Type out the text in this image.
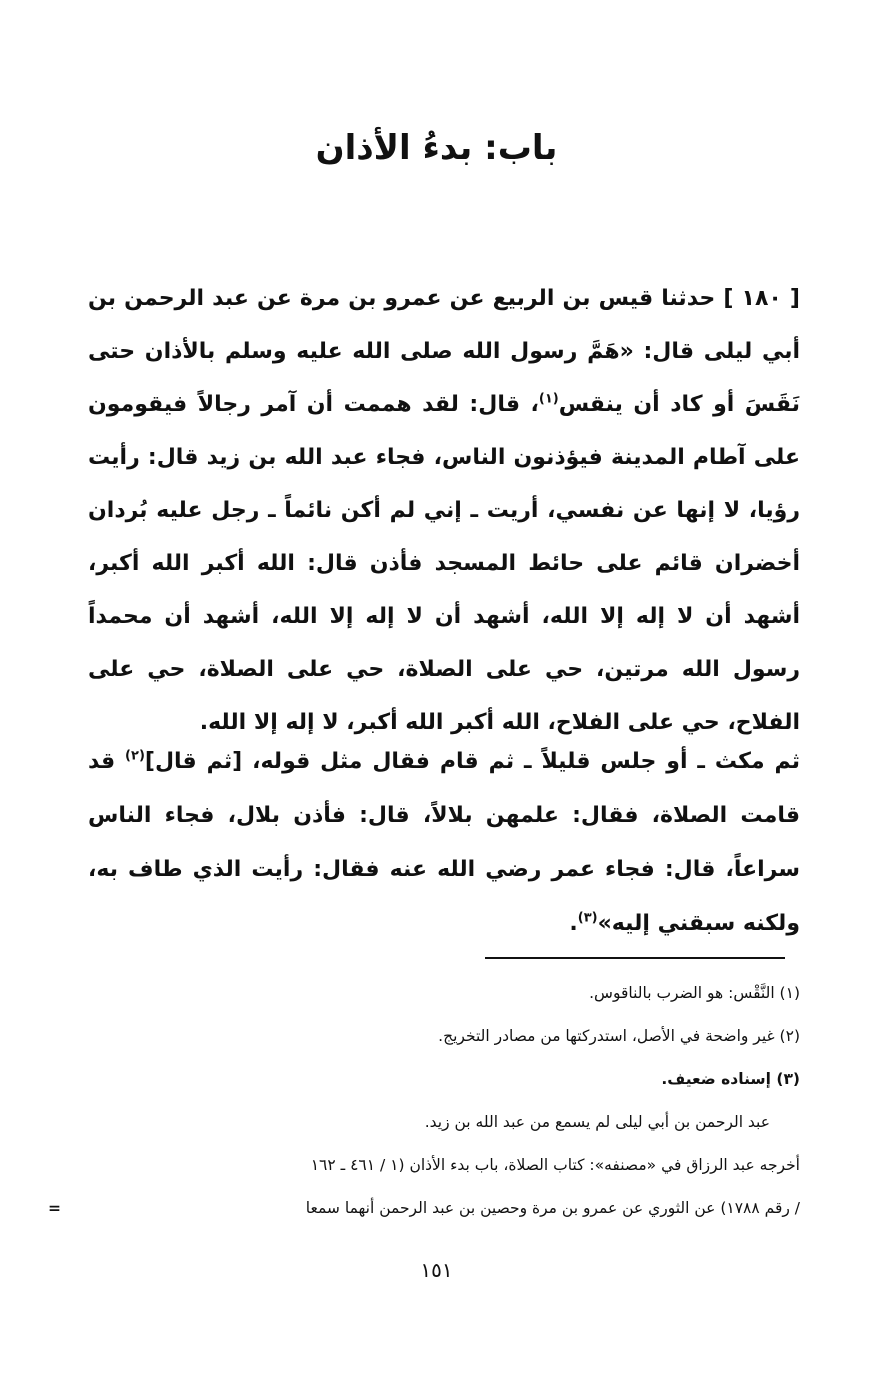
باب: بدءُ الأذان

[ ١٨٠ ] حدثنا قيس بن الربيع عن عمرو بن مرة عن عبد الرحمن بن أبي ليلى قال: «هَمَّ رسول الله صلى الله عليه وسلم بالأذان حتى نَقَسَ أو كاد أن ينقس$^{(١)}$، قال: لقد هممت أن آمر رجالاً فيقومون على آطام المدينة فيؤذنون الناس، فجاء عبد الله بن زيد قال: رأيت رؤيا، لا إنها عن نفسي، أريت ـ إني لم أكن نائماً ـ رجل عليه بُردان أخضران قائم على حائط المسجد فأذن قال: الله أكبر الله أكبر، أشهد أن لا إله إلا الله، أشهد أن لا إله إلا الله، أشهد أن محمداً رسول الله مرتين، حي على الصلاة، حي على الصلاة، حي على الفلاح، حي على الفلاح، الله أكبر الله أكبر، لا إله إلا الله.

ثم مكث ـ أو جلس قليلاً ـ ثم قام فقال مثل قوله، [ثم قال]$^{(٢)}$ قد قامت الصلاة، فقال: علمهن بلالاً، قال: فأذن بلال، فجاء الناس سراعاً، قال: فجاء عمر رضي الله عنه فقال: رأيت الذي طاف به، ولكنه سبقني إليه»$^{(٣)}$.

(١) النَّقْس: هو الضرب بالناقوس.
(٢) غير واضحة في الأصل، استدركتها من مصادر التخريج.
(٣) إسناده ضعيف.
عبد الرحمن بن أبي ليلى لم يسمع من عبد الله بن زيد.
أخرجه عبد الرزاق في «مصنفه»: كتاب الصلاة، باب بدء الأذان (١ / ٤٦١ ـ ١٦٢
/ رقم ١٧٨٨) عن الثوري عن عمرو بن مرة وحصين بن عبد الرحمن أنهما سمعا
=
١٥١
